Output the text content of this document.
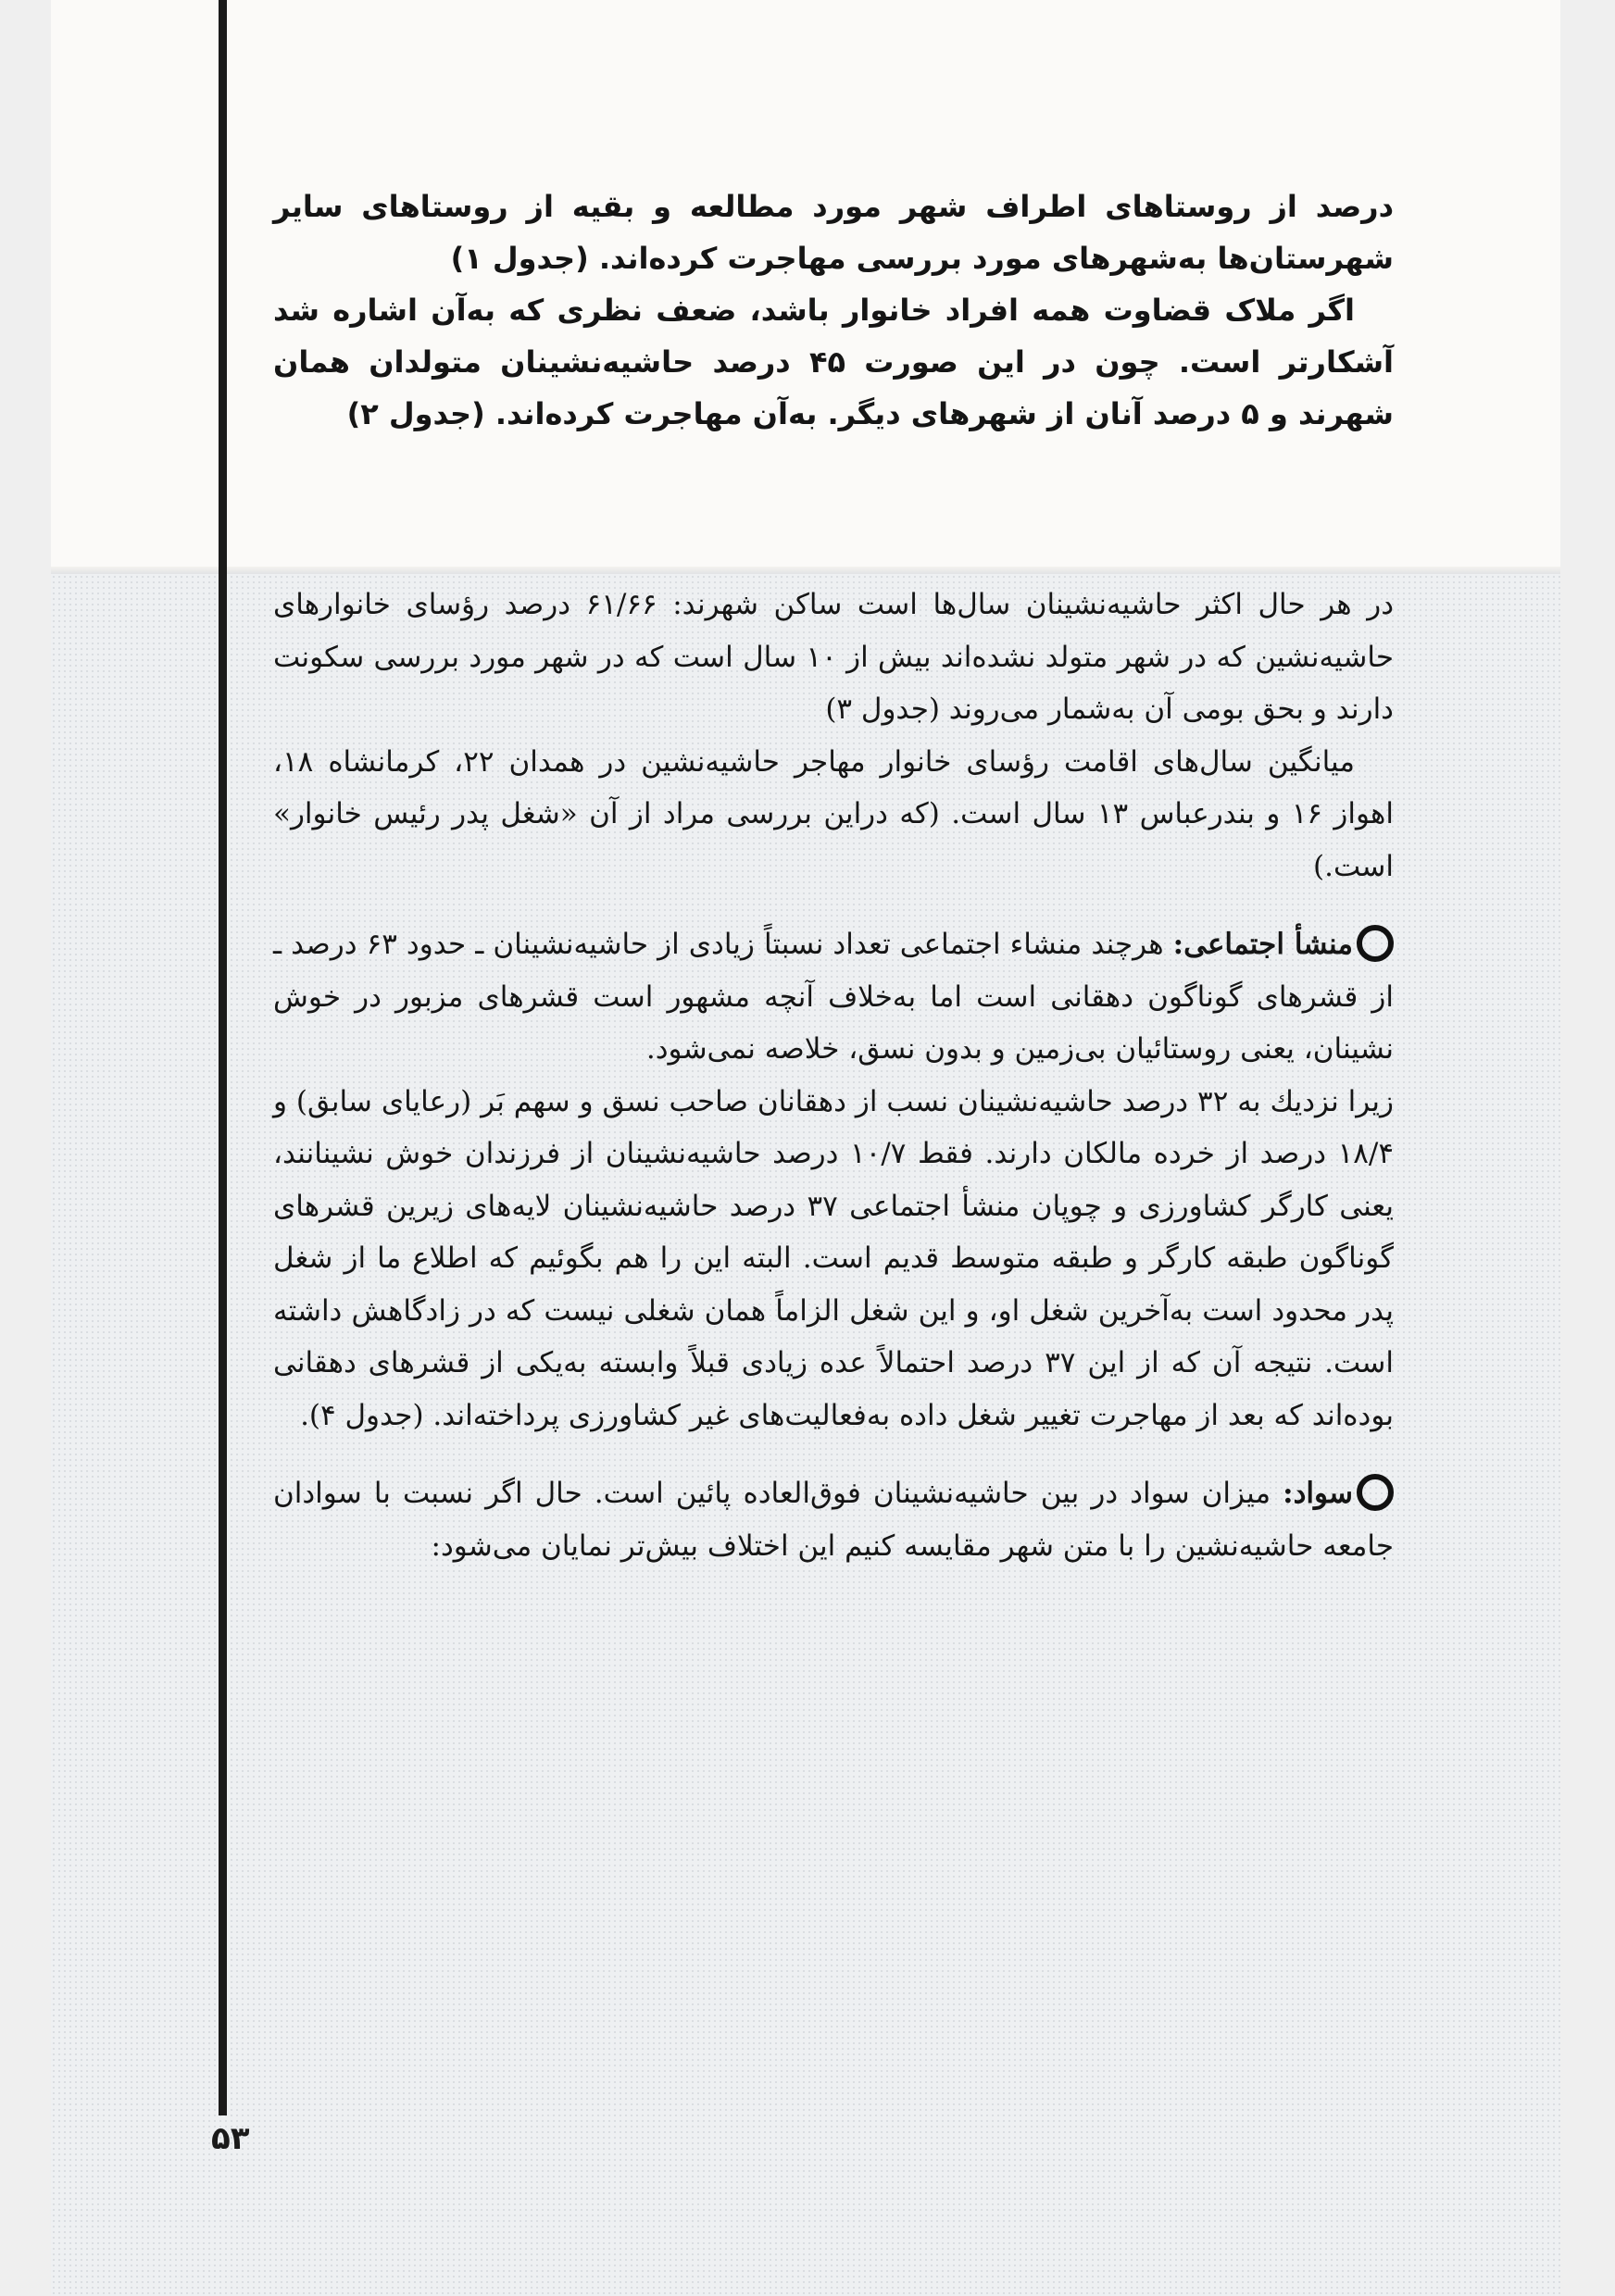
درصد از روستاهای اطراف شهر مورد مطالعه و بقیه از روستاهای سایر شهرستان‌ها به‌شهرهای مورد بررسی مهاجرت کرده‌اند. (جدول ۱)

اگر ملاک قضاوت همه افراد خانوار باشد، ضعف نظری که به‌آن اشاره شد آشکارتر است. چون در این صورت ۴۵ درصد حاشیه‌نشینان متولدان همان شهرند و ۵ درصد آنان از شهرهای دیگر. به‌آن مهاجرت کرده‌اند. (جدول ۲)

در هر حال اکثر حاشیه‌نشینان سال‌ها است ساکن شهرند: ۶۱/۶۶ درصد رؤسای خانوارهای حاشیه‌نشین که در شهر متولد نشده‌اند بیش از ۱۰ سال است که در شهر مورد بررسی سکونت دارند و بحق بومی آن به‌شمار می‌روند (جدول ۳)

میانگین سال‌های اقامت رؤسای خانوار مهاجر حاشیه‌نشین در همدان ۲۲، کرمانشاه ۱۸، اهواز ۱۶ و بندرعباس ۱۳ سال است. (که دراین بررسی مراد از آن «شغل پدر رئیس خانوار» است.)

منشأ اجتماعی: هرچند منشاء اجتماعی تعداد نسبتاً زیادی از حاشیه‌نشینان ـ حدود ۶۳ درصد ـ از قشرهای گوناگون دهقانی است اما به‌خلاف آنچه مشهور است قشرهای مزبور در خوش نشینان، یعنی روستائیان بی‌زمین و بدون نسق، خلاصه نمی‌شود.

زیرا نزدیك به ۳۲ درصد حاشیه‌نشینان نسب از دهقانان صاحب نسق و سهم بَر (رعایای سابق) و ۱۸/۴ درصد از خرده مالکان دارند. فقط ۱۰/۷ درصد حاشیه‌نشینان از فرزندان خوش نشینانند، یعنی کارگر کشاورزی و چوپان منشأ اجتماعی ۳۷ درصد حاشیه‌نشینان لایه‌های زیرین قشرهای گوناگون طبقه کارگر و طبقه متوسط قدیم است. البته این را هم بگوئیم که اطلاع ما از شغل پدر محدود است به‌آخرین شغل او، و این شغل الزاماً همان شغلی نیست که در زادگاهش داشته است. نتیجه آن که از این ۳۷ درصد احتمالاً عده زیادی قبلاً وابسته به‌یکی از قشرهای دهقانی بوده‌اند که بعد از مهاجرت تغییر شغل داده به‌فعالیت‌های غیر کشاورزی پرداخته‌اند. (جدول ۴).

سواد: میزان سواد در بین حاشیه‌نشینان فوق‌العاده پائین است. حال اگر نسبت با سوادان جامعه حاشیه‌نشین را با متن شهر مقایسه کنیم این اختلاف بیش‌تر نمایان می‌شود:

۵۳
